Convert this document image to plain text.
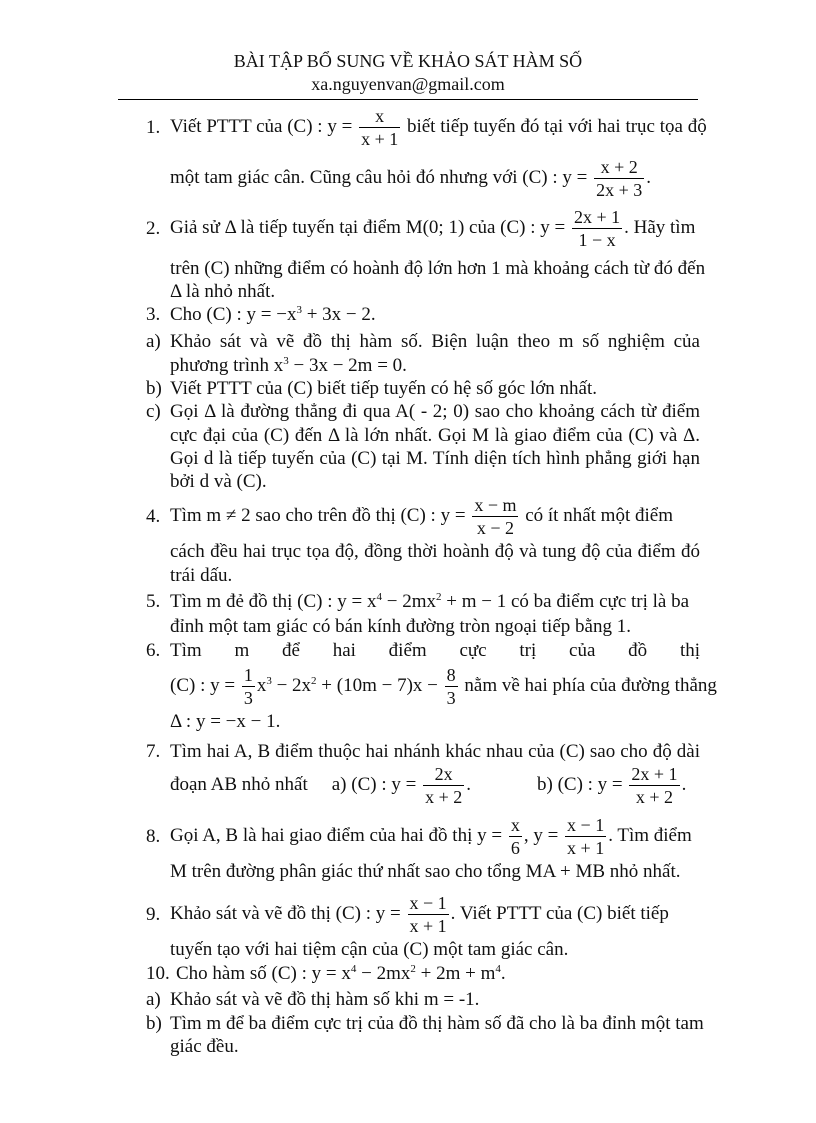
BÀI TẬP BỔ SUNG VỀ KHẢO SÁT HÀM SỐ
xa.nguyenvan@gmail.com
1. Viết PTTT của (C) : $y = \frac{x}{x + 1}$ biết tiếp tuyến đó tại với hai trục tọa độ
một tam giác cân. Cũng câu hỏi đó nhưng với (C) : $y = \frac{x + 2}{2x + 3}$ .
2. Giả sử Δ là tiếp tuyến tại điểm M(0; 1) của (C) : $y = \frac{2x + 1}{1 - x}$ . Hãy tìm
trên (C) những điểm có hoành độ lớn hơn 1 mà khoảng cách từ đó đến
Δ là nhỏ nhất.
3. Cho (C) : $y = -x^3 + 3x - 2$.
a) Khảo sát và vẽ đồ thị hàm số. Biện luận theo m số nghiệm của
phương trình $x^3 - 3x - 2m = 0$.
b) Viết PTTT của (C) biết tiếp tuyến có hệ số góc lớn nhất.
c) Gọi Δ là đường thẳng đi qua A( - 2; 0) sao cho khoảng cách từ điểm
cực đại của (C) đến Δ là lớn nhất. Gọi M là giao điểm của (C) và Δ.
Gọi d là tiếp tuyến của (C) tại M. Tính diện tích hình phẳng giới hạn
bởi d và (C).
4. Tìm m ≠ 2 sao cho trên đồ thị (C) : $y = \frac{x - m}{x - 2}$ có ít nhất một điểm
cách đều hai trục tọa độ, đồng thời hoành độ và tung độ của điểm đó
trái dấu.
5. Tìm m đẻ đồ thị (C) : $y = x^4 - 2mx^2 + m - 1$ có ba điểm cực trị là ba
đỉnh một tam giác có bán kính đường tròn ngoại tiếp bằng 1.
6. Tìm m để hai điểm cực trị của đồ thị
(C) : $y = \frac{1}{3} x^3 - 2x^2 + (10m - 7)x - \frac{8}{3}$ nằm về hai phía của đường thẳng
Δ : y = −x − 1.
7. Tìm hai A, B điểm thuộc hai nhánh khác nhau của (C) sao cho độ dài
đoạn AB nhỏ nhất a) (C) : $y = \frac{2x}{x + 2}$ .	b) (C) : $y = \frac{2x + 1}{x + 2}$ .
8. Gọi A, B là hai giao điểm của hai đồ thị $y = \frac{x}{6}$ , $y = \frac{x - 1}{x + 1}$ . Tìm điểm
M trên đường phân giác thứ nhất sao cho tổng MA + MB nhỏ nhất.
9. Khảo sát và vẽ đồ thị (C) : $y = \frac{x - 1}{x + 1}$ . Viết PTTT của (C) biết tiếp
tuyến tạo với hai tiệm cận của (C) một tam giác cân.
10. Cho hàm số (C) : $y = x^4 - 2mx^2 + 2m + m^4$.
a) Khảo sát và vẽ đồ thị hàm số khi m = -1.
b) Tìm m để ba điểm cực trị của đồ thị hàm số đã cho là ba đỉnh một tam
giác đều.
